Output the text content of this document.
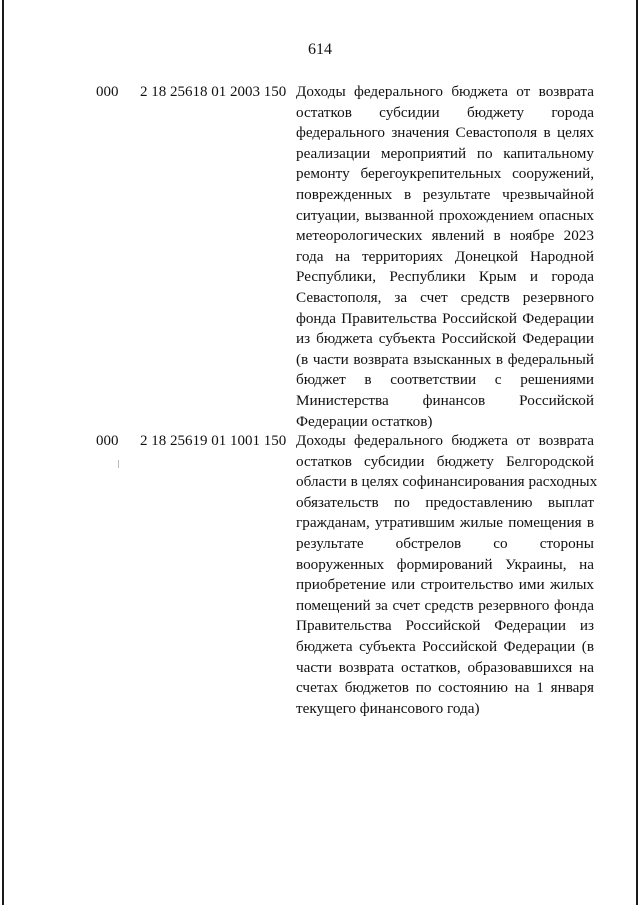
614
000 2 18 25618 01 2003 150 Доходы федерального бюджета от возврата
остатков субсидии бюджету города
федерального значения Севастополя в целях
реализации мероприятий по капитальному
ремонту берегоукрепительных сооружений,
поврежденных в результате чрезвычайной
ситуации, вызванной прохождением опасных
метеорологических явлений в ноябре 2023
года на территориях Донецкой Народной
Республики, Республики Крым и города
Севастополя, за счет средств резервного
фонда Правительства Российской Федерации
из бюджета субъекта Российской Федерации
(в части возврата взысканных в федеральный
бюджет в соответствии с решениями
Министерства финансов Российской
Федерации остатков)
000 2 18 25619 01 1001 150 Доходы федерального бюджета от возврата
остатков субсидии бюджету Белгородской
области в целях софинансирования расходных
обязательств по предоставлению выплат
гражданам, утратившим жилые помещения в
результате обстрелов со стороны
вооруженных формирований Украины, на
приобретение или строительство ими жилых
помещений за счет средств резервного фонда
Правительства Российской Федерации из
бюджета субъекта Российской Федерации (в
части возврата остатков, образовавшихся на
счетах бюджетов по состоянию на 1 января
текущего финансового года)
